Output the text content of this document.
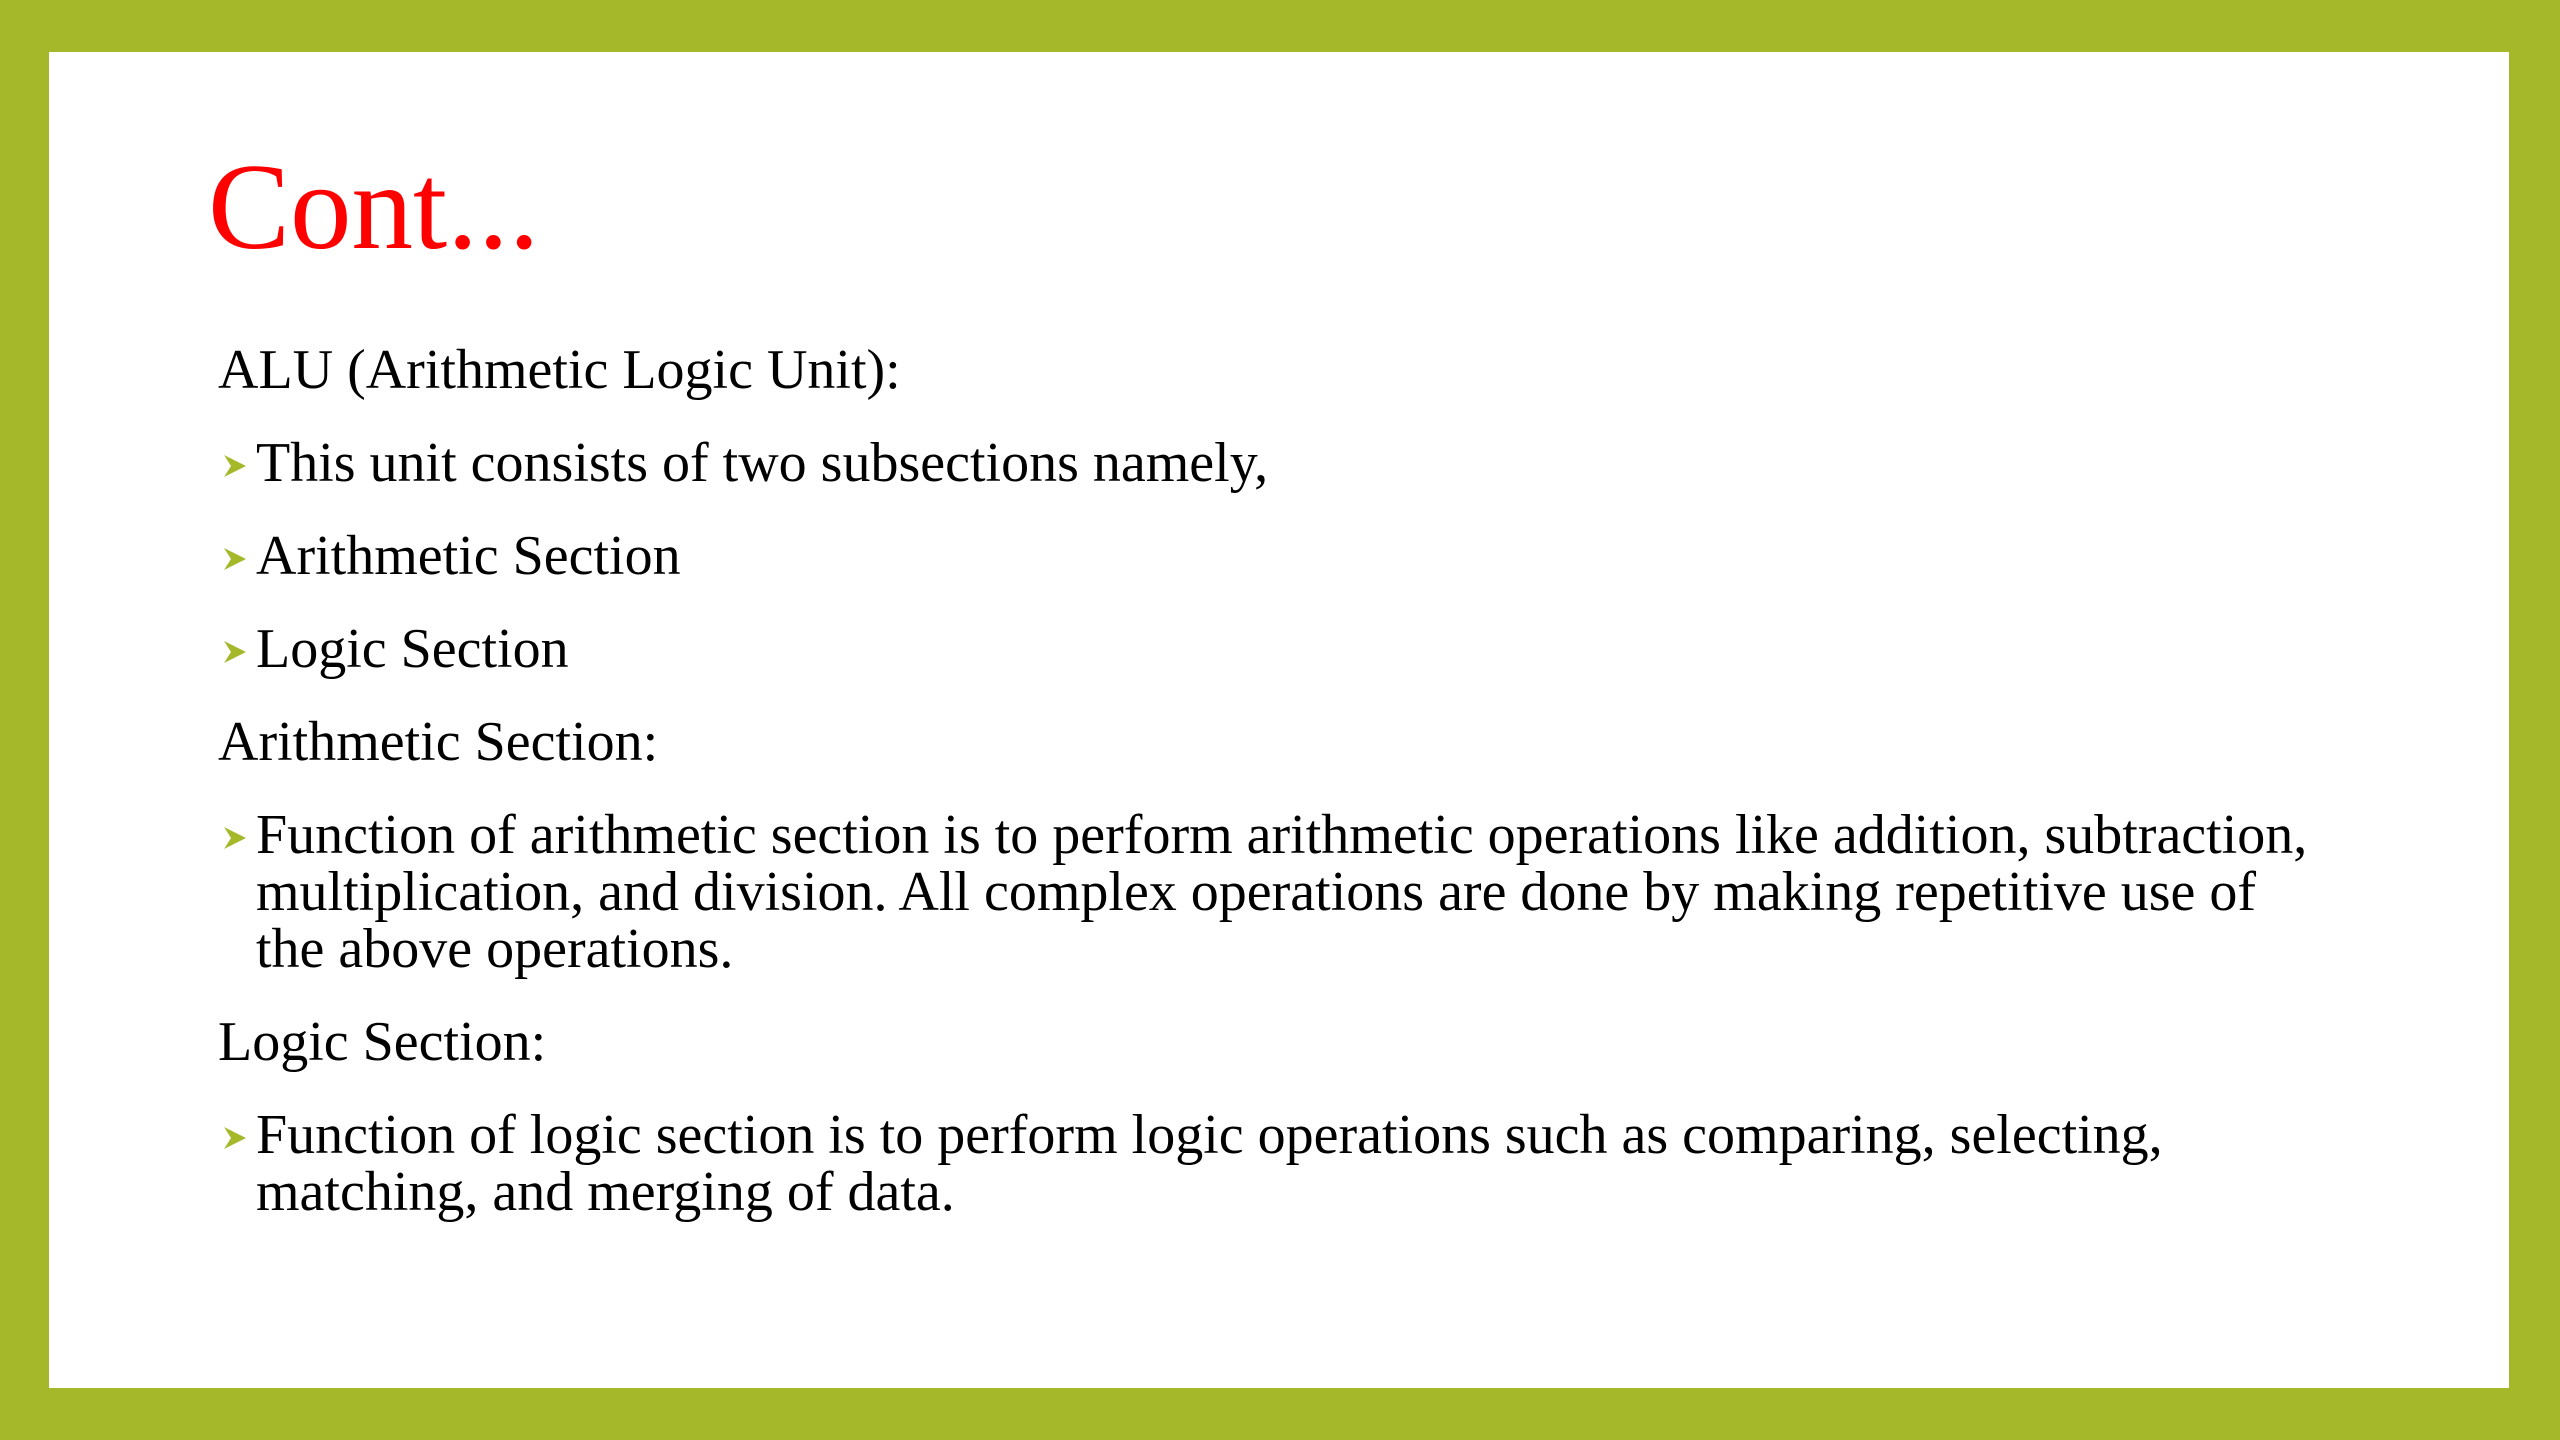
Cont...

ALU (Arithmetic Logic Unit):

This unit consists of two subsections namely,
Arithmetic Section
Logic Section

Arithmetic Section:

Function of arithmetic section is to perform arithmetic operations like addition, subtraction, multiplication, and division. All complex operations are done by making repetitive use of the above operations.

Logic Section:

Function of logic section is to perform logic operations such as comparing, selecting, matching, and merging of data.
